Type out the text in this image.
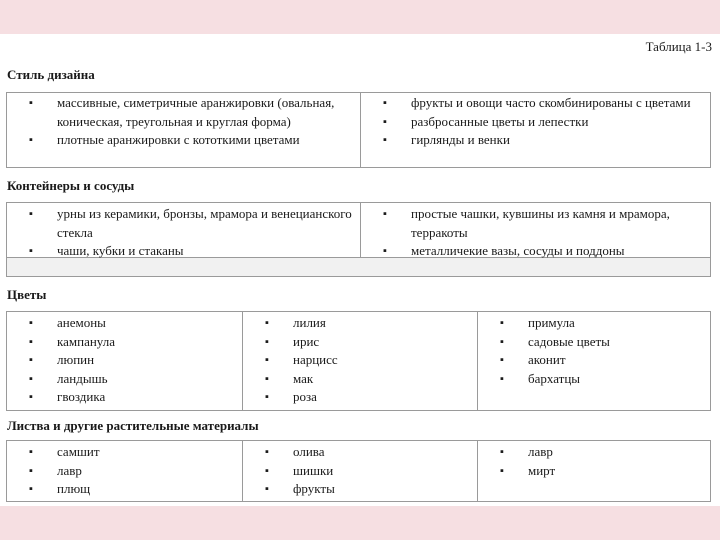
Таблица 1-3
Стиль дизайна
▪ массивные, симетричные аранжировки (овальная, коническая, треугольная и круглая форма)
▪ плотные аранжировки с кототкими цветами
▪ фрукты и овощи часто скомбинированы с цветами
▪ разбросанные цветы и лепестки
▪ гирлянды и венки
Контейнеры и сосуды
▪ урны из керамики, бронзы, мрамора и венецианского стекла
▪ чаши, кубки и стаканы
▪ простые чашки, кувшины из камня и мрамора, терракоты
▪ металличекие вазы, сосуды и поддоны
Цветы
▪ анемоны
▪ кампанула
▪ люпин
▪ ландышь
▪ гвоздика
▪ лилия
▪ ирис
▪ нарцисс
▪ мак
▪ роза
▪ примула
▪ садовые цветы
▪ аконит
▪ бархатцы
Листва и другие растительные материалы
▪ самшит
▪ лавр
▪ плющ
▪ олива
▪ шишки
▪ фрукты
▪ лавр
▪ мирт
